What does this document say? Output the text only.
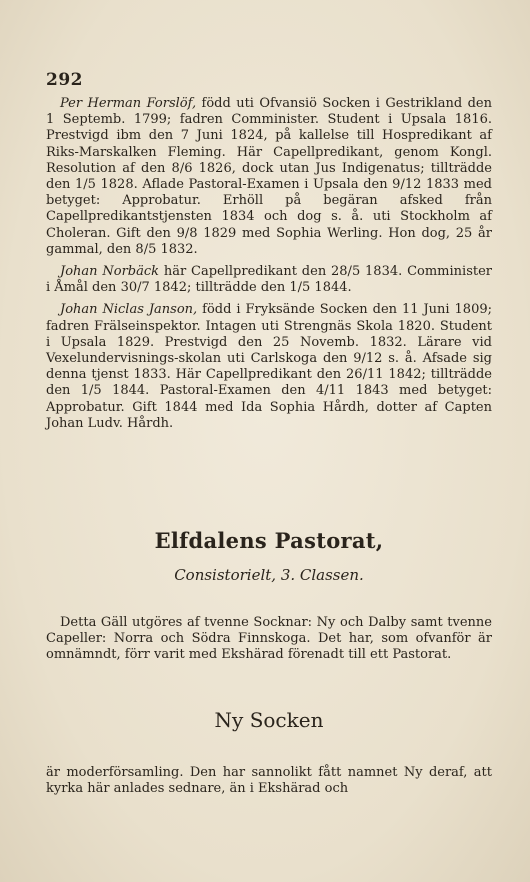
292

Per Herman Forslöf, född uti Ofvansiö Socken i Gestrikland den 1 Septemb. 1799; fadren Comminister. Student i Upsala 1816. Prestvigd ibm den 7 Juni 1824, på kallelse till Hospredikant af Riks-Marskalken Fleming. Här Capellpredikant, genom Kongl. Resolution af den 8/6 1826, dock utan Jus Indigenatus; tillträdde den 1/5 1828. Aflade Pastoral-Examen i Upsala den 9/12 1833 med betyget: Approbatur. Erhöll på begäran afsked från Capellpredikantstjensten 1834 och dog s. å. uti Stockholm af Choleran. Gift den 9/8 1829 med Sophia Werling. Hon dog, 25 år gammal, den 8/5 1832.

Johan Norbäck här Capellpredikant den 28/5 1834. Comminister i Åmål den 30/7 1842; tillträdde den 1/5 1844.

Johan Niclas Janson, född i Fryksände Socken den 11 Juni 1809; fadren Frälseinspektor. Intagen uti Strengnäs Skola 1820. Student i Upsala 1829. Prestvigd den 25 Novemb. 1832. Lärare vid Vexelundervisnings-skolan uti Carlskoga den 9/12 s. å. Afsade sig denna tjenst 1833. Här Capellpredikant den 26/11 1842; tillträdde den 1/5 1844. Pastoral-Examen den 4/11 1843 med betyget: Approbatur. Gift 1844 med Ida Sophia Hårdh, dotter af Capten Johan Ludv. Hårdh.

Elfdalens Pastorat,
Consistorielt, 3. Classen.

Detta Gäll utgöres af tvenne Socknar: Ny och Dalby samt tvenne Capeller: Norra och Södra Finnskoga. Det har, som ofvanför är omnämndt, förr varit med Ekshärad förenadt till ett Pastorat.

Ny Socken

är moderförsamling. Den har sannolikt fått namnet Ny deraf, att kyrka här anlades sednare, än i Ekshärad och
